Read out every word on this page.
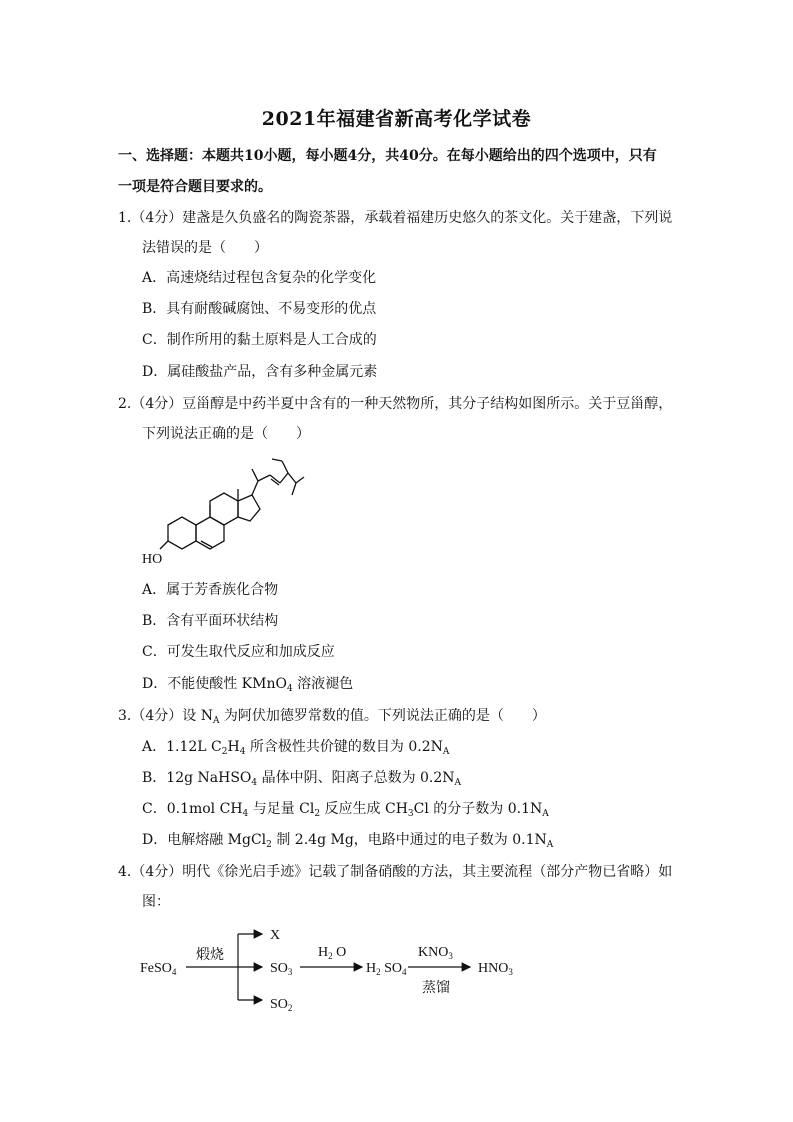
2021年福建省新高考化学试卷
一、选择题：本题共10小题，每小题4分，共40分。在每小题给出的四个选项中，只有
一项是符合题目要求的。
1.（4分）建盏是久负盛名的陶瓷茶器，承载着福建历史悠久的茶文化。关于建盏，下列说
法错误的是（　　）
A．高速烧结过程包含复杂的化学变化
B．具有耐酸碱腐蚀、不易变形的优点
C．制作所用的黏土原料是人工合成的
D．属硅酸盐产品，含有多种金属元素
2.（4分）豆甾醇是中药半夏中含有的一种天然物所，其分子结构如图所示。关于豆甾醇，
下列说法正确的是（　　）
HO
A．属于芳香族化合物
B．含有平面环状结构
C．可发生取代反应和加成反应
D．不能使酸性 KMnO$_4$ 溶液褪色
3.（4分）设 $N_A$ 为阿伏加德罗常数的值。下列说法正确的是（　　）
A．1.12L $C_2H_4$ 所含极性共价键的数目为 $0.2N_A$
B．12g NaHSO$_4$ 晶体中阴、阳离子总数为 $0.2N_A$
C．0.1mol $CH_4$ 与足量 $Cl_2$ 反应生成 $CH_3Cl$ 的分子数为 $0.1N_A$
D．电解熔融 MgCl$_2$ 制 2.4g Mg，电路中通过的电子数为 $0.1N_A$
4.（4分）明代《徐光启手迹》记载了制备硝酸的方法，其主要流程（部分产物已省略）如
图：
FeSO$_4$
煅烧
X
$SO_3$
$SO_2$
$H_2$ O
$H_2$ $SO_4$
$KNO_3$
蒸馏
$HNO_3$
